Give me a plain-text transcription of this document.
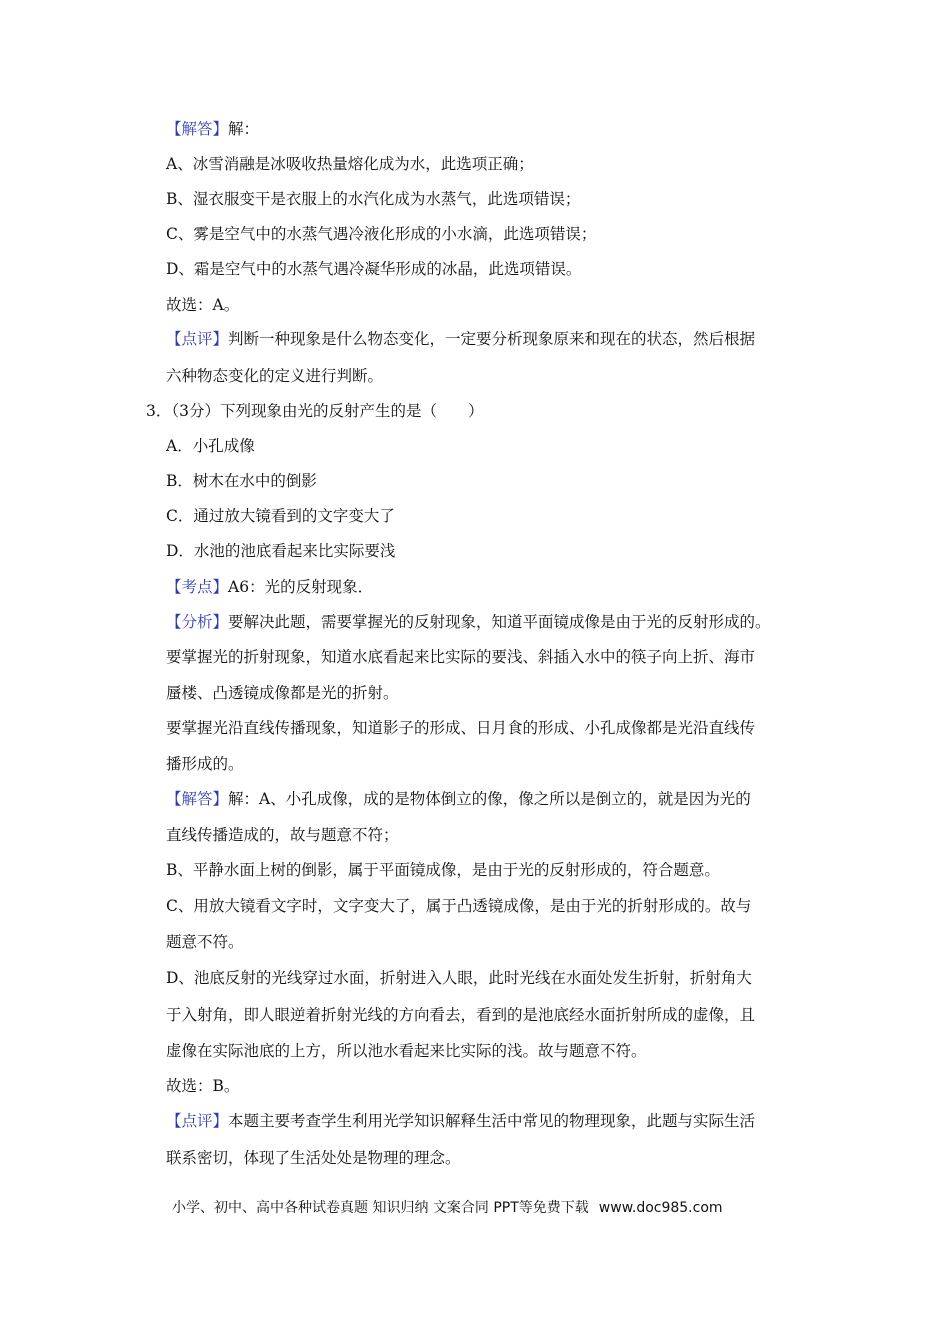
【解答】解：
A、冰雪消融是冰吸收热量熔化成为水，此选项正确；
B、湿衣服变干是衣服上的水汽化成为水蒸气，此选项错误；
C、雾是空气中的水蒸气遇冷液化形成的小水滴，此选项错误；
D、霜是空气中的水蒸气遇冷凝华形成的冰晶，此选项错误。
故选：A。
【点评】判断一种现象是什么物态变化，一定要分析现象原来和现在的状态，然后根据
六种物态变化的定义进行判断。
3．（3分）下列现象由光的反射产生的是（　　）
A．小孔成像
B．树木在水中的倒影
C．通过放大镜看到的文字变大了
D．水池的池底看起来比实际要浅
【考点】A6：光的反射现象．
【分析】要解决此题，需要掌握光的反射现象，知道平面镜成像是由于光的反射形成的。
要掌握光的折射现象，知道水底看起来比实际的要浅、斜插入水中的筷子向上折、海市
蜃楼、凸透镜成像都是光的折射。
要掌握光沿直线传播现象，知道影子的形成、日月食的形成、小孔成像都是光沿直线传
播形成的。
【解答】解：A、小孔成像，成的是物体倒立的像，像之所以是倒立的，就是因为光的
直线传播造成的，故与题意不符；
B、平静水面上树的倒影，属于平面镜成像，是由于光的反射形成的，符合题意。
C、用放大镜看文字时，文字变大了，属于凸透镜成像，是由于光的折射形成的。故与
题意不符。
D、池底反射的光线穿过水面，折射进入人眼，此时光线在水面处发生折射，折射角大
于入射角，即人眼逆着折射光线的方向看去，看到的是池底经水面折射所成的虚像，且
虚像在实际池底的上方，所以池水看起来比实际的浅。故与题意不符。
故选：B。
【点评】本题主要考查学生利用光学知识解释生活中常见的物理现象，此题与实际生活
联系密切，体现了生活处处是物理的理念。
小学、初中、高中各种试卷真题 知识归纳 文案合同 PPT等免费下载 www.doc985.com
